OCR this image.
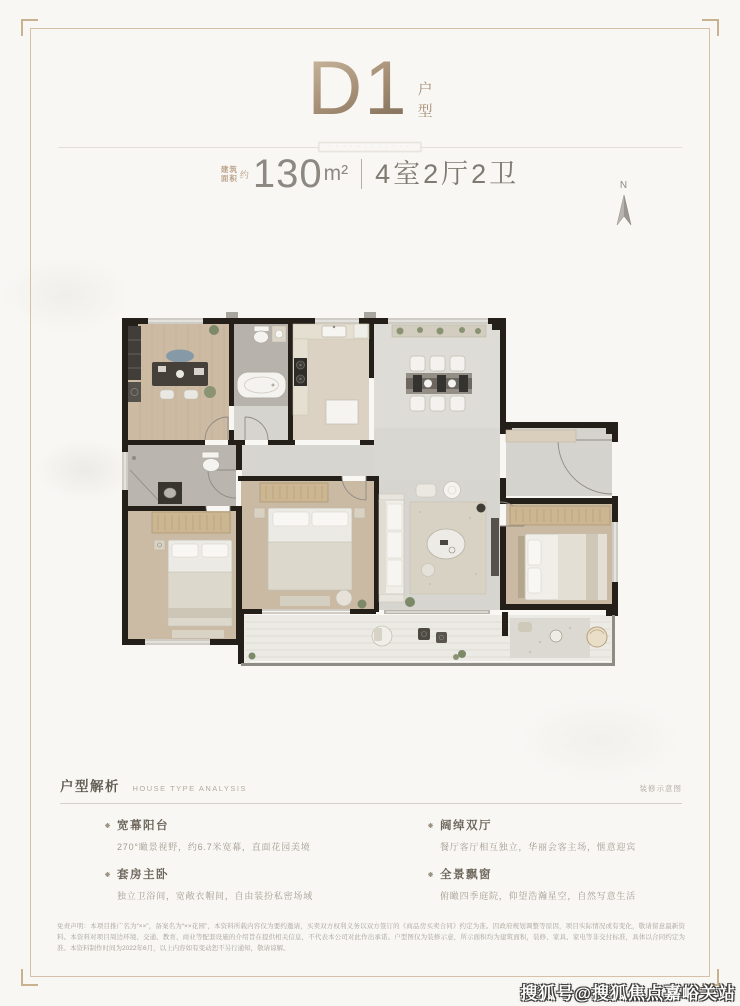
D1 户
型
· · · · · · · · · · · ·
建筑
面积 约 130 m² 4室2厅2卫	N
户型解析 HOUSE TYPE ANALYSIS	装修示意图
宽幕阳台
270°瞰景视野，约6.7米宽幕，直面花园美境
套房主卧
独立卫浴间，宽敞衣帽间，自由装扮私密场域
阔绰双厅
餐厅客厅相互独立，华丽会客主场，惬意迎宾
全景飘窗
俯瞰四季庭院，仰望浩瀚星空，自然写意生活
免责声明：本项目推广名为“××”，备案名为“××花园”，本资料所载内容仅为要约邀请，买卖双方权利义务以双方签订的《商品房买卖合同》约定为准。因政府规划调整等原因，项目实际情况或有变化，敬请留意最新资料。本资料对项目周边环境、交通、教育、商业等配套设施的介绍旨在提供相关信息，不代表本公司对此作出承诺。户型图仅为装修示意，所示面积均为建筑面积，装修、家具、家电等非交付标准，具体以合同约定为准。本资料制作时间为2022年6月，以上内容如有变动恕不另行通知，敬请谅解。
搜狐号@搜狐焦点嘉峪关站
